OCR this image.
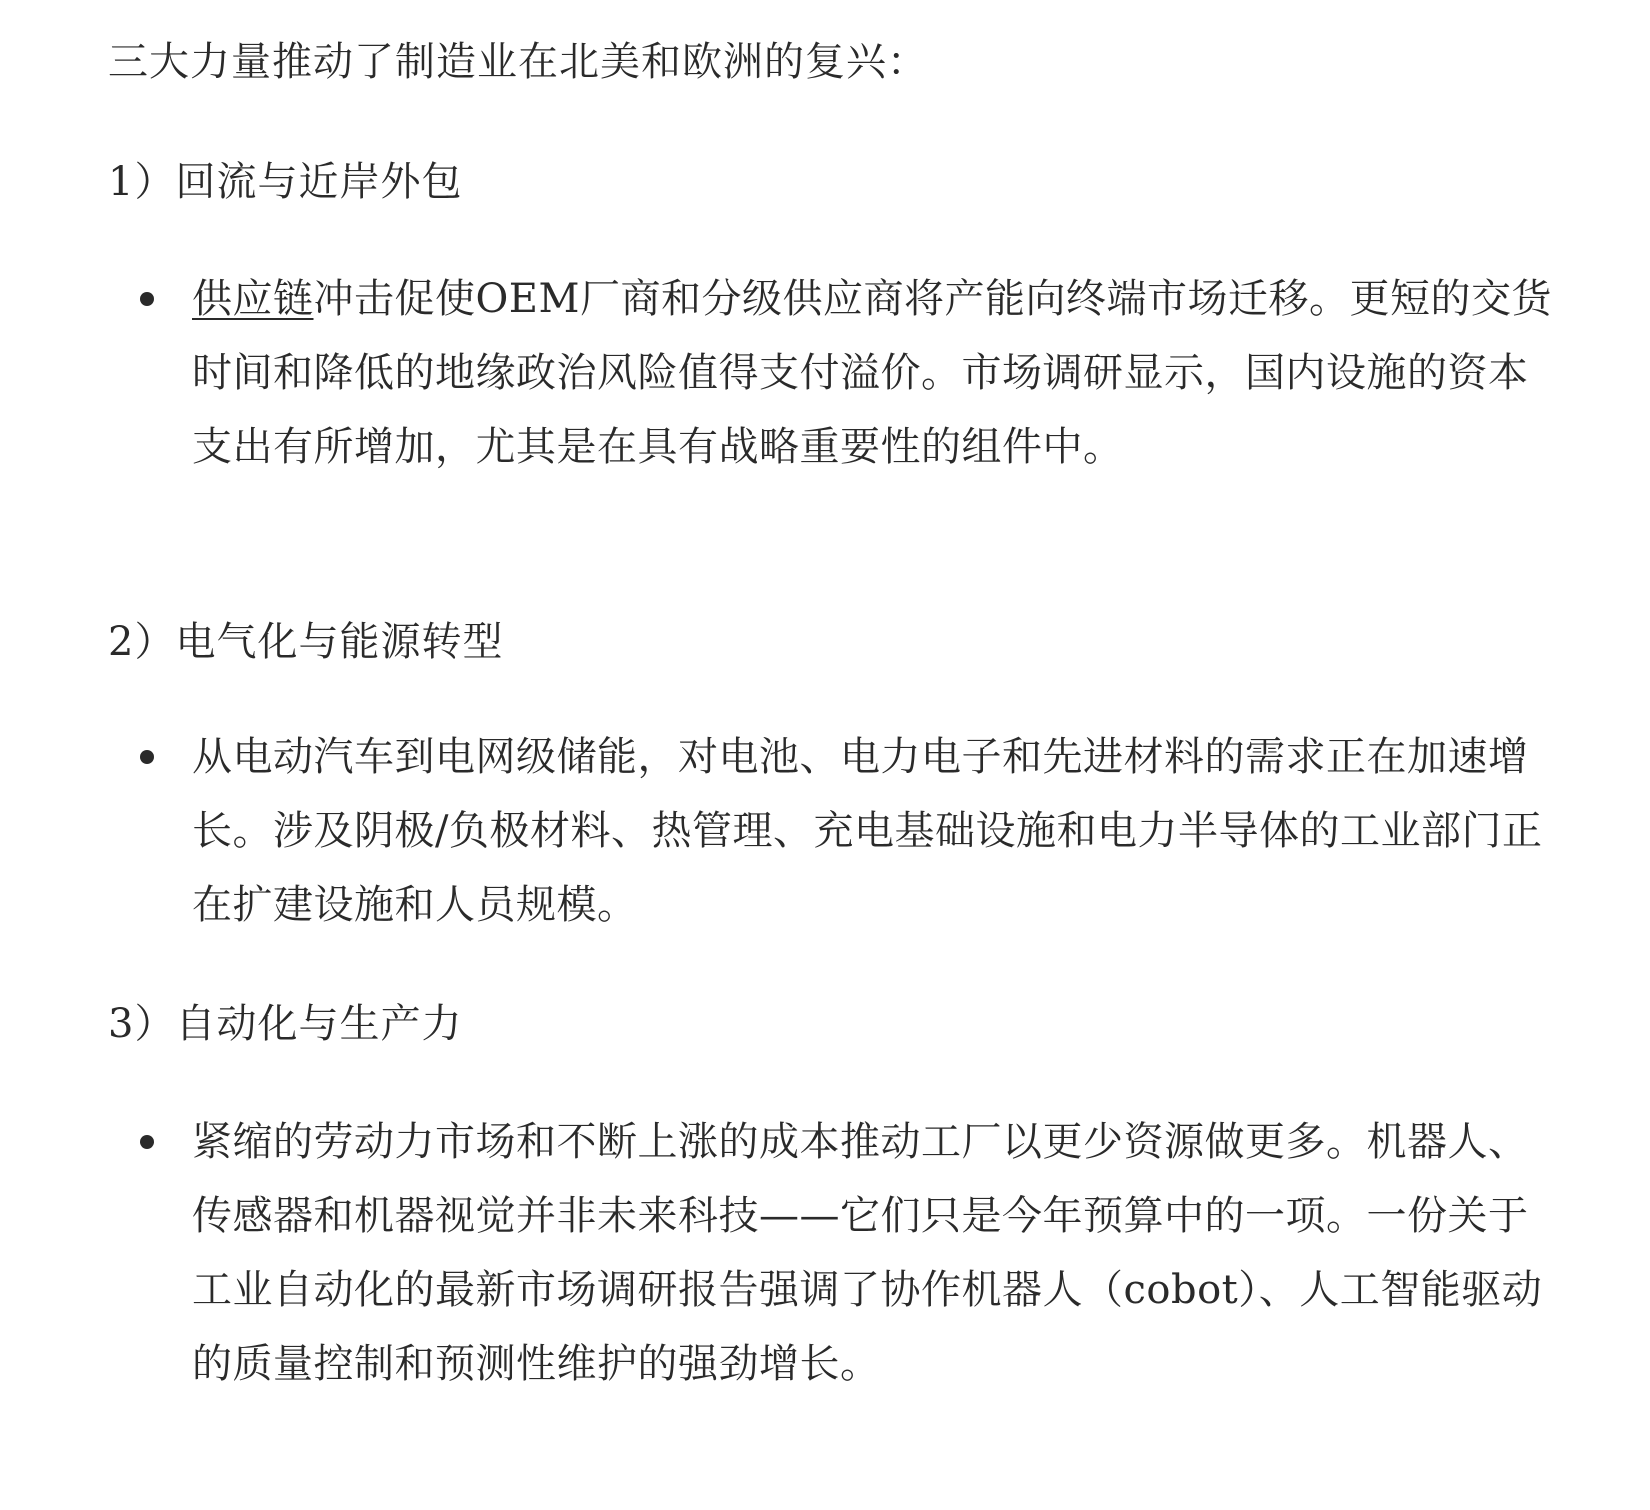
三大力量推动了制造业在北美和欧洲的复兴：

1）回流与近岸外包

供应链冲击促使OEM厂商和分级供应商将产能向终端市场迁移。更短的交货时间和降低的地缘政治风险值得支付溢价。市场调研显示，国内设施的资本支出有所增加，尤其是在具有战略重要性的组件中。

2）电气化与能源转型

从电动汽车到电网级储能，对电池、电力电子和先进材料的需求正在加速增长。涉及阴极/负极材料、热管理、充电基础设施和电力半导体的工业部门正在扩建设施和人员规模。

3）自动化与生产力

紧缩的劳动力市场和不断上涨的成本推动工厂以更少资源做更多。机器人、传感器和机器视觉并非未来科技——它们只是今年预算中的一项。一份关于工业自动化的最新市场调研报告强调了协作机器人（cobot）、人工智能驱动的质量控制和预测性维护的强劲增长。
